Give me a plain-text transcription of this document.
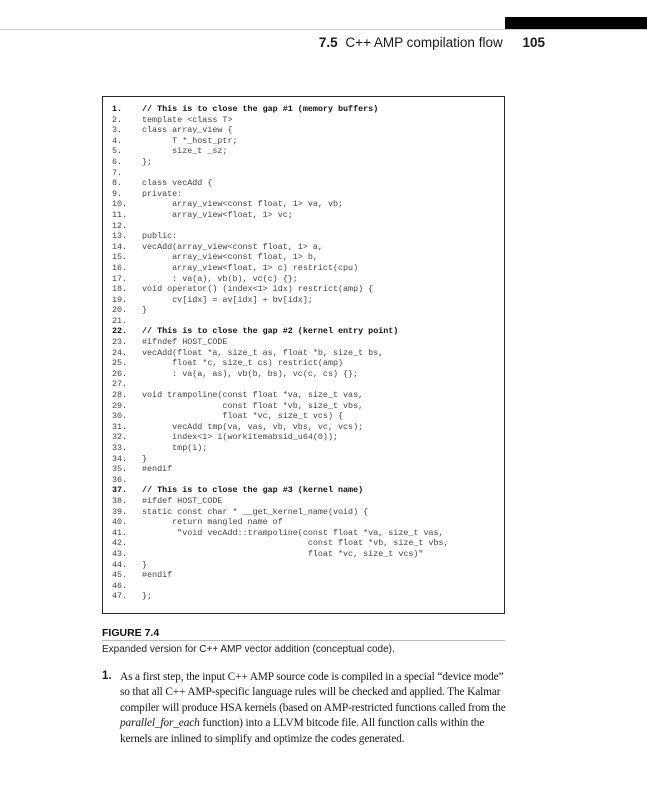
7.5 C++ AMP compilation flow 105
1. // This is to close the gap #1 (memory buffers)
2. template <class T>
3. class array_view {
4.      T *_host_ptr;
5.      size_t _sz;
6. };
7.
8. class vecAdd {
9. private:
10.      array_view<const float, 1> va, vb;
11.      array_view<float, 1> vc;
12.
13. public:
14. vecAdd(array_view<const float, 1> a,
15.      array_view<const float, 1> b,
16.      array_view<float, 1> c) restrict(cpu)
17.      : va(a), vb(b), vc(c) {};
18. void operator() (index<1> idx) restrict(amp) {
19.      cv[idx] = av[idx] + bv[idx];
20. }
21.
22. // This is to close the gap #2 (kernel entry point)
23. #ifndef HOST_CODE
24. vecAdd(float *a, size_t as, float *b, size_t bs,
25.      float *c, size_t cs) restrict(amp)
26.      : va(a, as), vb(b, bs), vc(c, cs) {};
27.
28. void trampoline(const float *va, size_t vas,
29.                const float *vb, size_t vbs,
30.                float *vc, size_t vcs) {
31.      vecAdd tmp(va, vas, vb, vbs, vc, vcs);
32.      index<1> i(workitemabsid_u64(0));
33.      tmp(i);
34. }
35. #endif
36.
37. // This is to close the gap #3 (kernel name)
38. #ifdef HOST_CODE
39. static const char * __get_kernel_name(void) {
40.      return mangled name of
41.       "void vecAdd::trampoline(const float *va, size_t vas,
42.                                 const float *vb, size_t vbs,
43.                                 float *vc, size_t vcs)"
44. }
45. #endif
46.
47. };
FIGURE 7.4
Expanded version for C++ AMP vector addition (conceptual code).
1. As a first step, the input C++ AMP source code is compiled in a special “device mode” so that all C++ AMP-specific language rules will be checked and applied. The Kalmar compiler will produce HSA kernels (based on AMP-restricted functions called from the parallel_for_each function) into a LLVM bitcode file. All function calls within the kernels are inlined to simplify and optimize the codes generated.
